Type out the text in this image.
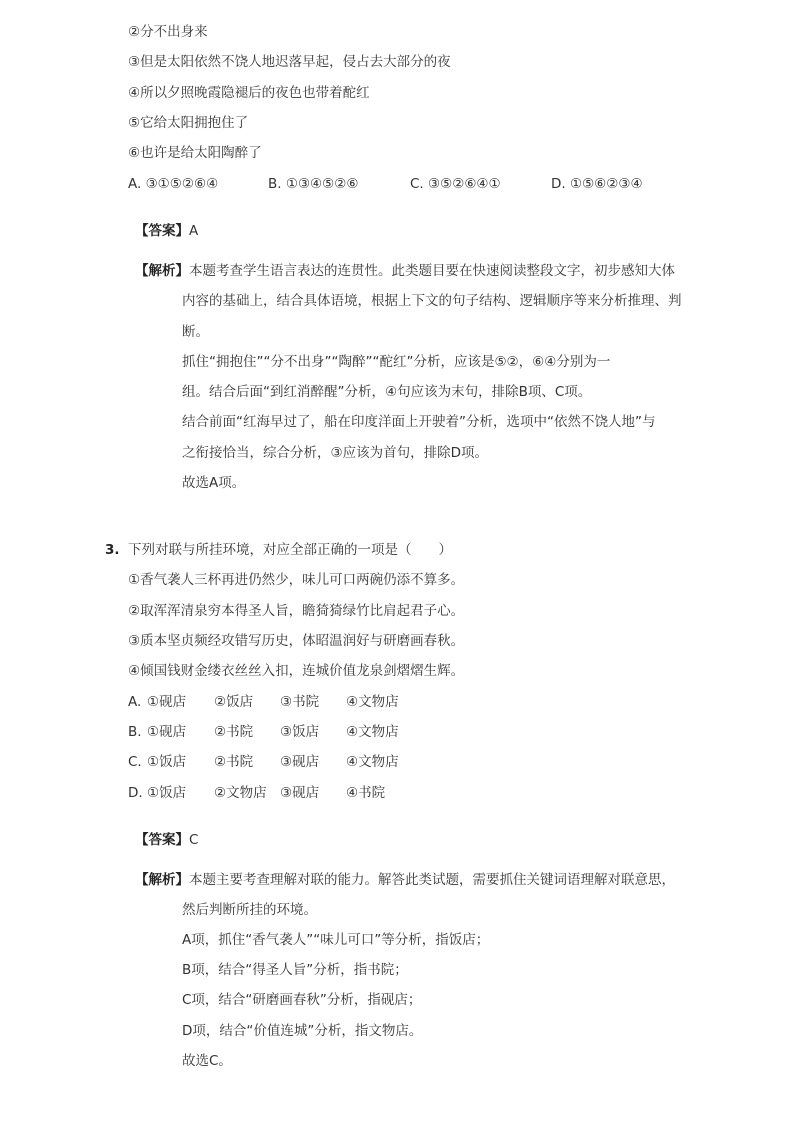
②分不出身来
③但是太阳依然不饶人地迟落早起，侵占去大部分的夜
④所以夕照晚霞隐褪后的夜色也带着酡红
⑤它给太阳拥抱住了
⑥也许是给太阳陶醉了
A. ③①⑤②⑥④	B. ①③④⑤②⑥	C. ③⑤②⑥④①	D. ①⑤⑥②③④
【答案】A
【解析】本题考查学生语言表达的连贯性。此类题目要在快速阅读整段文字，初步感知大体
内容的基础上，结合具体语境，根据上下文的句子结构、逻辑顺序等来分析推理、判
断。
抓住“拥抱住”“分不出身”“陶醉”“酡红”分析，应该是⑤②，⑥④分别为一
组。结合后面“到红消醉醒”分析，④句应该为末句，排除B项、C项。
结合前面“红海早过了，船在印度洋面上开驶着”分析，选项中“依然不饶人地”与
之衔接恰当，综合分析，③应该为首句，排除D项。
故选A项。
3. 下列对联与所挂环境，对应全部正确的一项是（　　）
①香气袭人三杯再进仍然少，味儿可口两碗仍添不算多。
②取浑浑清泉穷本得圣人旨，瞻猗猗绿竹比肩起君子心。
③质本坚贞频经攻错写历史，体昭温润好与研磨画春秋。
④倾国钱财金缕衣丝丝入扣，连城价值龙泉剑熠熠生辉。
A. ①砚店 ②饭店 ③书院 ④文物店
B. ①砚店 ②书院 ③饭店 ④文物店
C. ①饭店 ②书院 ③砚店 ④文物店
D. ①饭店 ②文物店 ③砚店 ④书院
【答案】C
【解析】本题主要考查理解对联的能力。解答此类试题，需要抓住关键词语理解对联意思，
然后判断所挂的环境。
A项，抓住“香气袭人”“味儿可口”等分析，指饭店；
B项，结合“得圣人旨”分析，指书院；
C项，结合“研磨画春秋”分析，指砚店；
D项，结合“价值连城”分析，指文物店。
故选C。
